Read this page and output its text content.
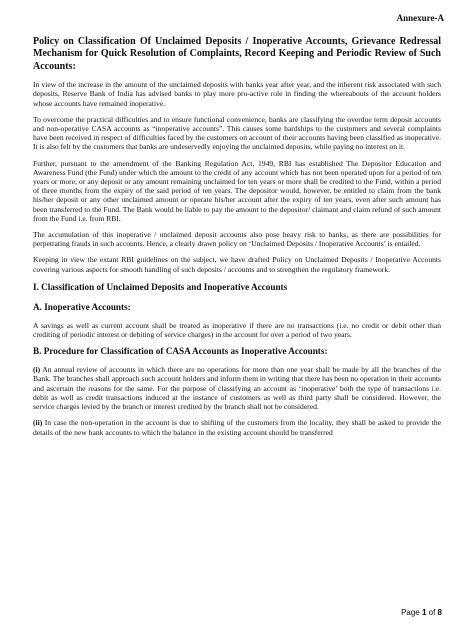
Annexure-A
Policy on Classification Of Unclaimed Deposits / Inoperative Accounts, Grievance Redressal Mechanism for Quick Resolution of Complaints, Record Keeping and Periodic Review of Such Accounts:

In view of the increase in the amount of the unclaimed deposits with banks year after year, and the inherent risk associated with such deposits, Reserve Bank of India has advised banks to play more pro-active role in finding the whereabouts of the account holders whose accounts have remained inoperative.

To overcome the practical difficulties and to ensure functional convenience, banks are classifying the overdue term deposit accounts and non-operative CASA accounts as “inoperative accounts”. This causes some hardships to the customers and several complaints have been received in respect of difficulties faced by the customers on account of their accounts having been classified as inoperative. It is also felt by the customers that banks are undeservedly enjoying the unclaimed deposits, while paying no interest on it.

Further, pursuant to the amendment of the Banking Regulation Act, 1949, RBI has established The Depositor Education and Awareness Fund (the Fund) under which the amount to the credit of any account which has not been operated upon for a period of ten years or more, or any deposit or any amount remaining unclaimed for ten years or more shall be credited to the Fund, within a period of three months from the expiry of the said period of ten years. The depositor would, however, be entitled to claim from the bank his/her deposit or any other unclaimed amount or operate his/her account after the expiry of ten years, even after such amount has been transferred to the Fund. The Bank would be liable to pay the amount to the depositor/ claimant and claim refund of such amount from the Fund i.e. from RBI.

The accumulation of this inoperative / unclaimed deposit accounts also pose heavy risk to banks, as there are possibilities for perpetrating frauds in such accounts. Hence, a clearly drawn policy on ‘Unclaimed Deposits / Inoperative Accounts’ is entailed.

Keeping in view the extant RBI guidelines on the subject, we have drafted Policy on Unclaimed Deposits / Inoperative Accounts covering various aspects for smooth handling of such deposits / accounts and to strengthen the regulatory framework.

I. Classification of Unclaimed Deposits and Inoperative Accounts
A. Inoperative Accounts:

A savings as well as current account shall be treated as inoperative if there are no transactions (i.e. no credit or debit other than crediting of periodic interest or debiting of service charges) in the account for over a period of two years.

B. Procedure for Classification of CASA Accounts as Inoperative Accounts:

(i) An annual review of accounts in which there are no operations for more than one year shall be made by all the branches of the Bank. The branches shall approach such account holders and inform them in writing that there has been no operation in their accounts and ascertain the reasons for the same. For the purpose of classifying an account as ‘inoperative’ both the type of transactions i.e. debit as well as credit transactions induced at the instance of customers as well as third party shall be considered. However, the service charges levied by the branch or interest credited by the branch shall not be considered.

(ii) In case the non-operation in the account is due to shifting of the customers from the locality, they shall be asked to provide the details of the new bank accounts to which the balance in the existing account should be transferred

Page 1 of 8
